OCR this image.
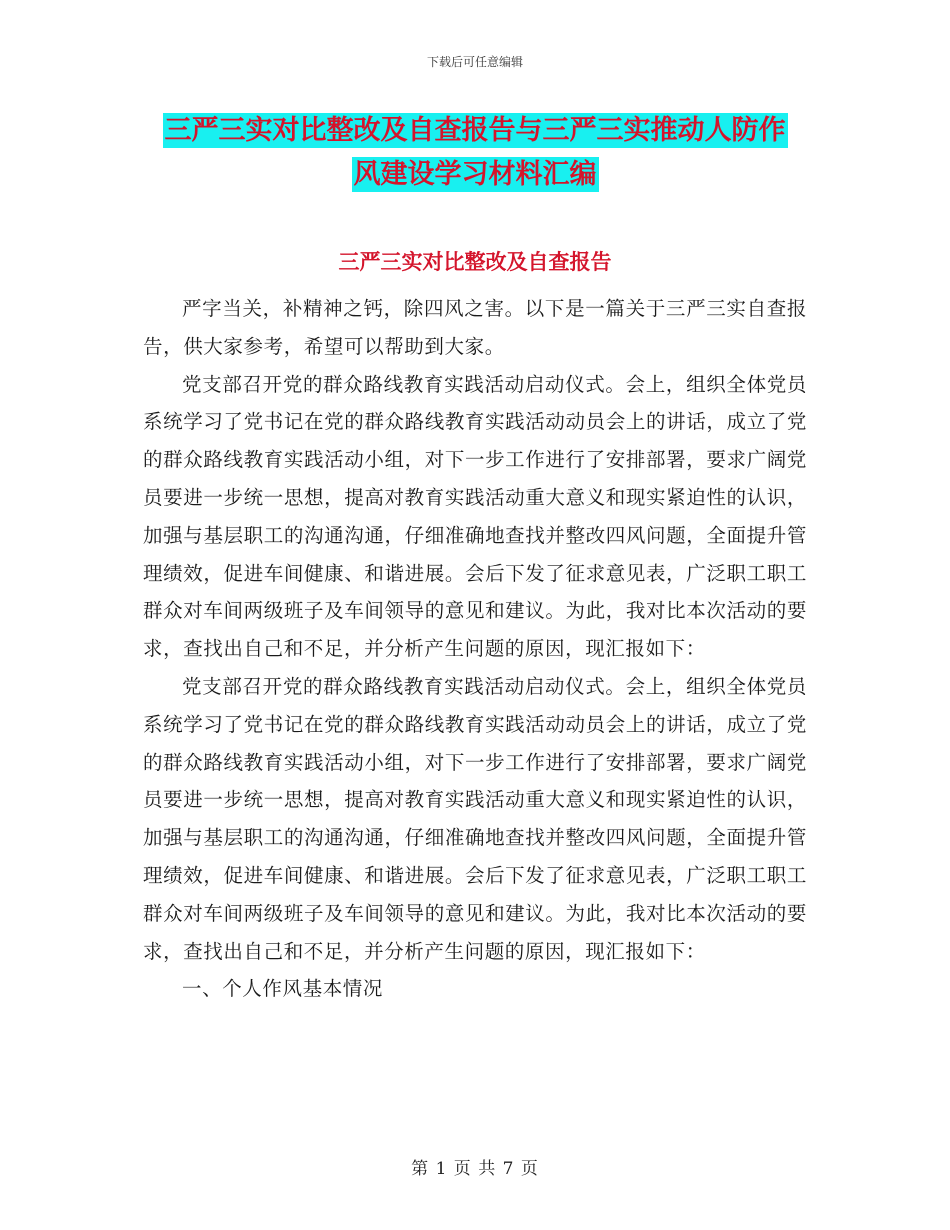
下载后可任意编辑
三严三实对比整改及自查报告与三严三实推动人防作
风建设学习材料汇编
三严三实对比整改及自查报告

严字当关，补精神之钙，除四风之害。以下是一篇关于三严三实自查报告，供大家参考，希望可以帮助到大家。

党支部召开党的群众路线教育实践活动启动仪式。会上，组织全体党员系统学习了党书记在党的群众路线教育实践活动动员会上的讲话，成立了党的群众路线教育实践活动小组，对下一步工作进行了安排部署，要求广阔党员要进一步统一思想，提高对教育实践活动重大意义和现实紧迫性的认识，加强与基层职工的沟通沟通，仔细准确地查找并整改四风问题，全面提升管理绩效，促进车间健康、和谐进展。会后下发了征求意见表，广泛职工职工群众对车间两级班子及车间领导的意见和建议。为此，我对比本次活动的要求，查找出自己和不足，并分析产生问题的原因，现汇报如下：

党支部召开党的群众路线教育实践活动启动仪式。会上，组织全体党员系统学习了党书记在党的群众路线教育实践活动动员会上的讲话，成立了党的群众路线教育实践活动小组，对下一步工作进行了安排部署，要求广阔党员要进一步统一思想，提高对教育实践活动重大意义和现实紧迫性的认识，加强与基层职工的沟通沟通，仔细准确地查找并整改四风问题，全面提升管理绩效，促进车间健康、和谐进展。会后下发了征求意见表，广泛职工职工群众对车间两级班子及车间领导的意见和建议。为此，我对比本次活动的要求，查找出自己和不足，并分析产生问题的原因，现汇报如下：

一、个人作风基本情况

第 1 页 共 7 页
